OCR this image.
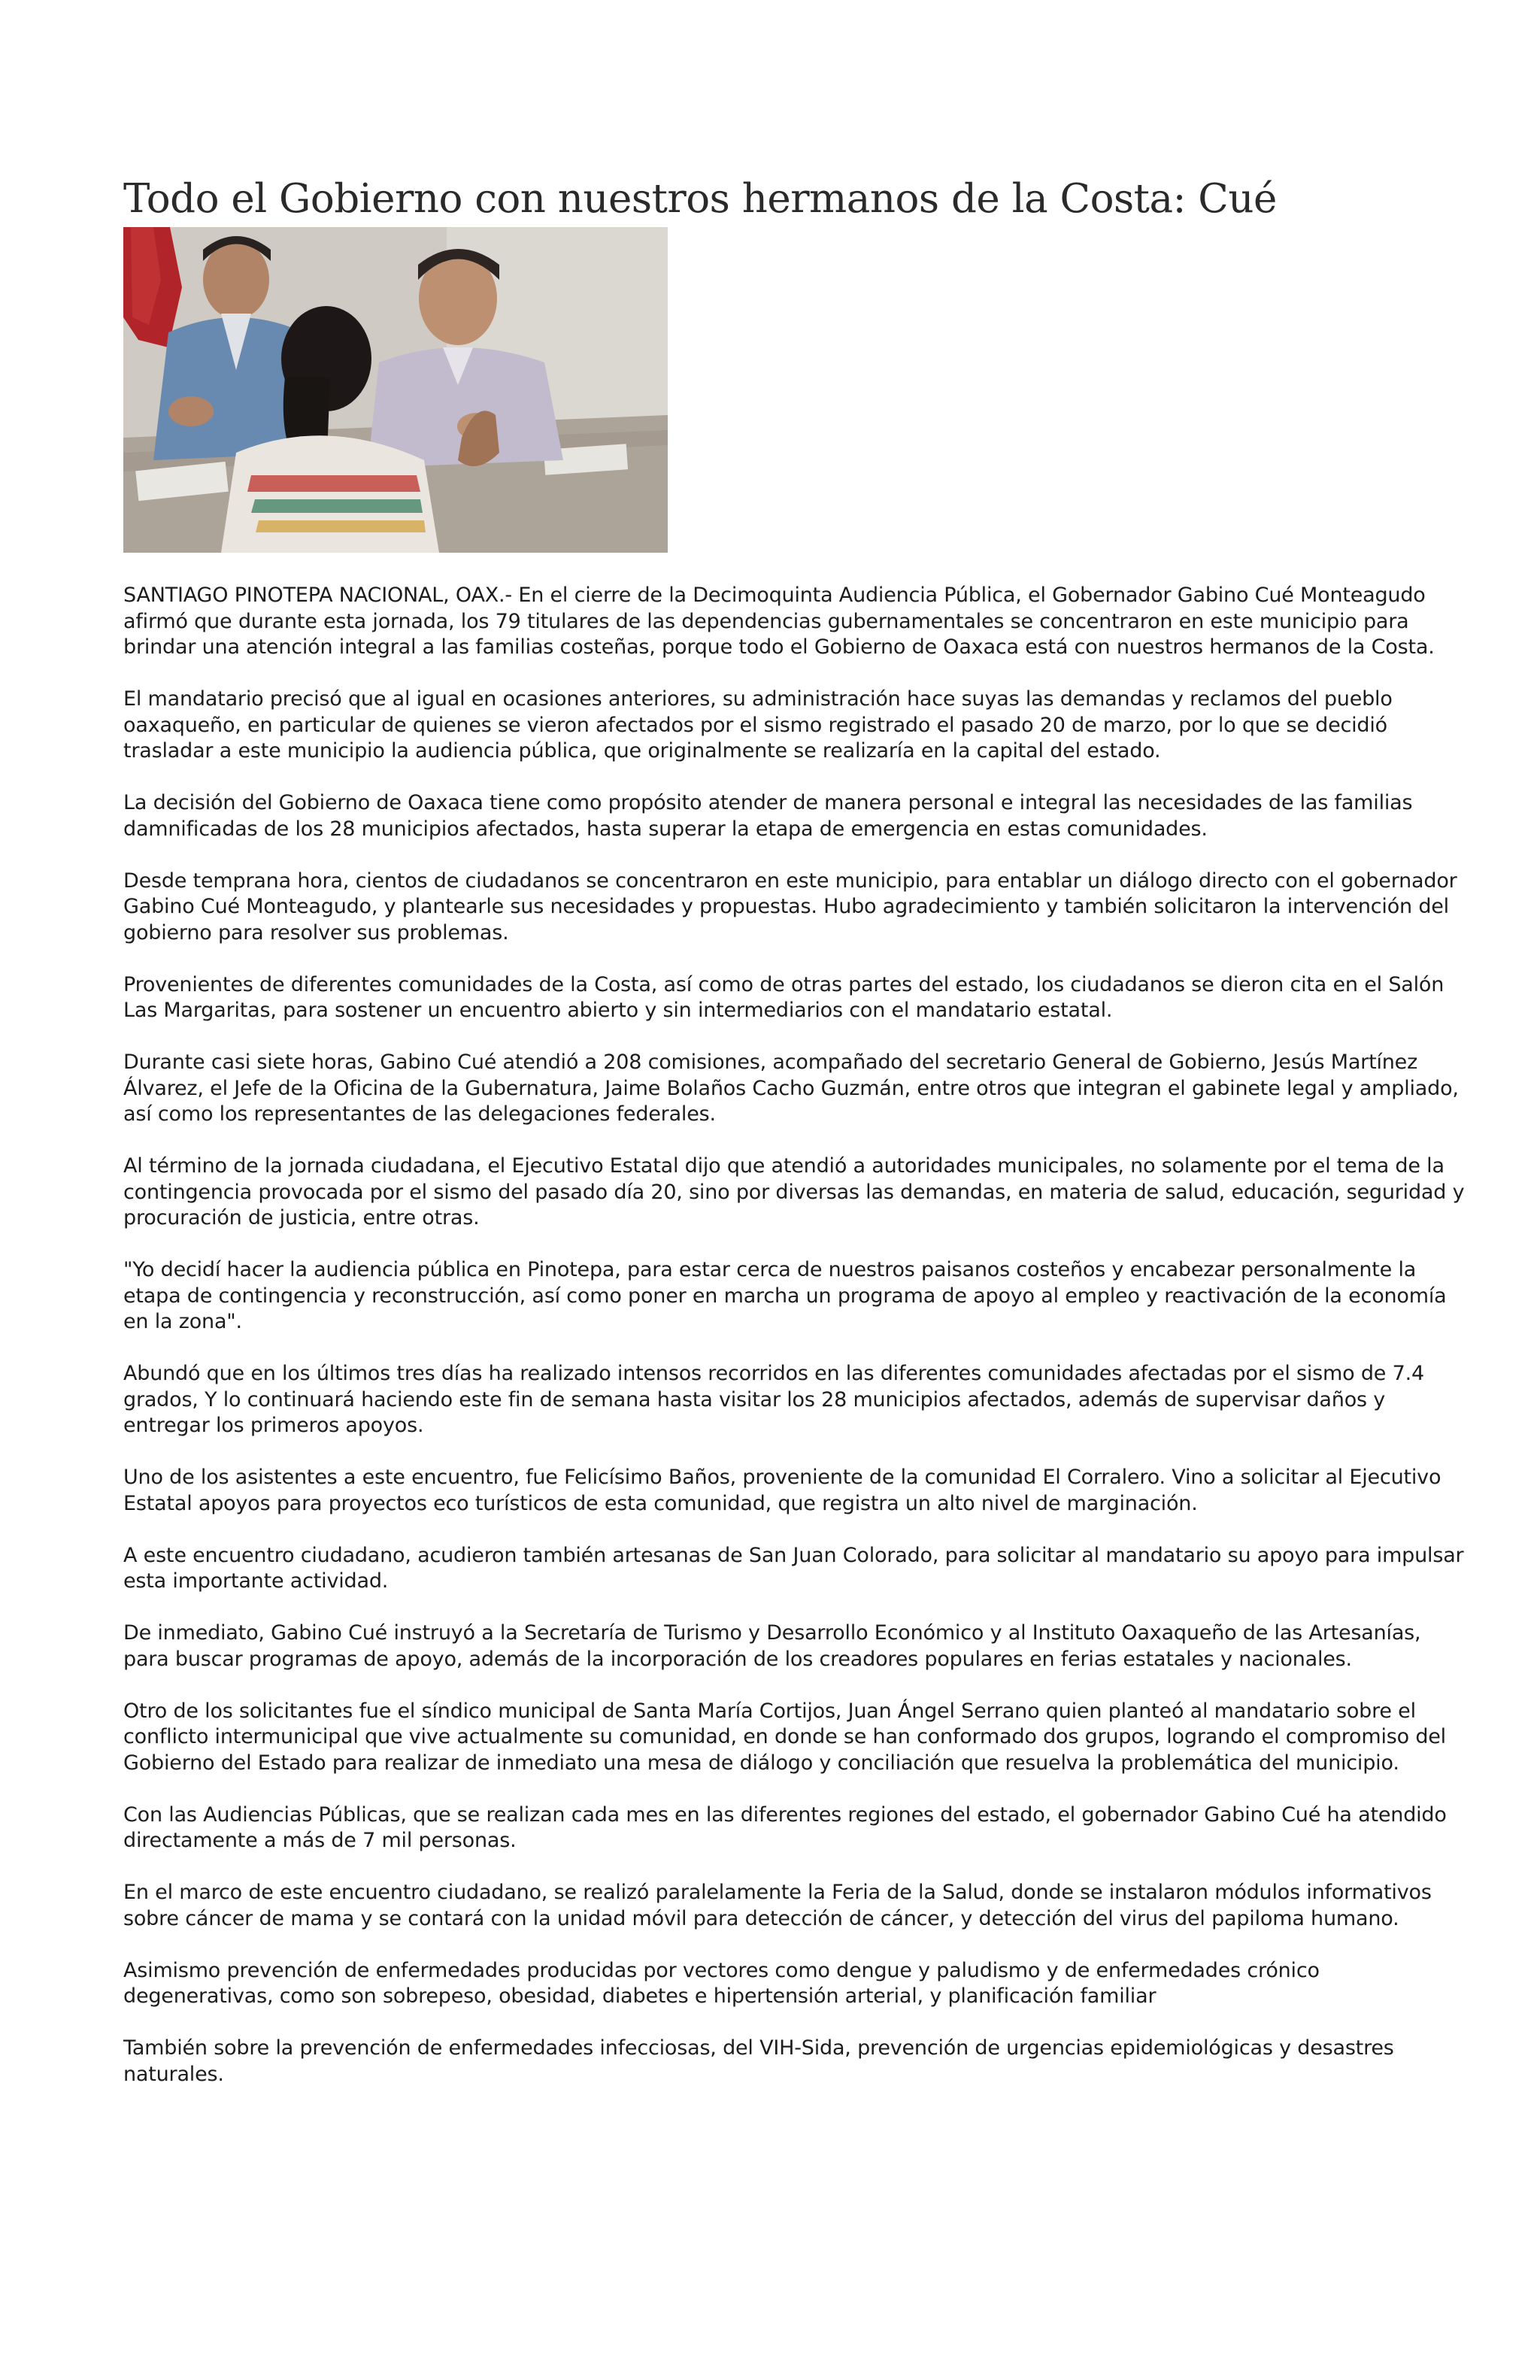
Todo el Gobierno con nuestros hermanos de la Costa: Cué

SANTIAGO PINOTEPA NACIONAL, OAX.- En el cierre de la Decimoquinta Audiencia Pública, el Gobernador Gabino Cué Monteagudo afirmó que durante esta jornada, los 79 titulares de las dependencias gubernamentales se concentraron en este municipio para brindar una atención integral a las familias costeñas, porque todo el Gobierno de Oaxaca está con nuestros hermanos de la Costa.

El mandatario precisó que al igual en ocasiones anteriores, su administración hace suyas las demandas y reclamos del pueblo oaxaqueño, en particular de quienes se vieron afectados por el sismo registrado el pasado 20 de marzo, por lo que se decidió trasladar a este municipio la audiencia pública, que originalmente se realizaría en la capital del estado.

La decisión del Gobierno de Oaxaca tiene como propósito atender de manera personal e integral las necesidades de las familias damnificadas de los 28 municipios afectados, hasta superar la etapa de emergencia en estas comunidades.

Desde temprana hora, cientos de ciudadanos se concentraron en este municipio, para entablar un diálogo directo con el gobernador Gabino Cué Monteagudo, y plantearle sus necesidades y propuestas. Hubo agradecimiento y también solicitaron la intervención del gobierno para resolver sus problemas.

Provenientes de diferentes comunidades de la Costa, así como de otras partes del estado, los ciudadanos se dieron cita en el Salón Las Margaritas, para sostener un encuentro abierto y sin intermediarios con el mandatario estatal.

Durante casi siete horas, Gabino Cué atendió a 208 comisiones, acompañado del secretario General de Gobierno, Jesús Martínez Álvarez, el Jefe de la Oficina de la Gubernatura, Jaime Bolaños Cacho Guzmán, entre otros que integran el gabinete legal y ampliado, así como los representantes de las delegaciones federales.

Al término de la jornada ciudadana, el Ejecutivo Estatal dijo que atendió a autoridades municipales, no solamente por el tema de la contingencia provocada por el sismo del pasado día 20, sino por diversas las demandas, en materia de salud, educación, seguridad y procuración de justicia, entre otras.

"Yo decidí hacer la audiencia pública en Pinotepa, para estar cerca de nuestros paisanos costeños y encabezar personalmente la etapa de contingencia y reconstrucción, así como poner en marcha un programa de apoyo al empleo y reactivación de la economía en la zona".

Abundó que en los últimos tres días ha realizado intensos recorridos en las diferentes comunidades afectadas por el sismo de 7.4 grados, Y lo continuará haciendo este fin de semana hasta visitar los 28 municipios afectados, además de supervisar daños y entregar los primeros apoyos.

Uno de los asistentes a este encuentro, fue Felicísimo Baños, proveniente de la comunidad El Corralero. Vino a solicitar al Ejecutivo Estatal apoyos para proyectos eco turísticos de esta comunidad, que registra un alto nivel de marginación.

A este encuentro ciudadano, acudieron también artesanas de San Juan Colorado, para solicitar al mandatario su apoyo para impulsar esta importante actividad.

De inmediato, Gabino Cué instruyó a la Secretaría de Turismo y Desarrollo Económico y al Instituto Oaxaqueño de las Artesanías, para buscar programas de apoyo, además de la incorporación de los creadores populares en ferias estatales y nacionales.

Otro de los solicitantes fue el síndico municipal de Santa María Cortijos, Juan Ángel Serrano quien planteó al mandatario sobre el conflicto intermunicipal que vive actualmente su comunidad, en donde se han conformado dos grupos, logrando el compromiso del Gobierno del Estado para realizar de inmediato una mesa de diálogo y conciliación que resuelva la problemática del municipio.

Con las Audiencias Públicas, que se realizan cada mes en las diferentes regiones del estado, el gobernador Gabino Cué ha atendido directamente a más de 7 mil personas.

En el marco de este encuentro ciudadano, se realizó paralelamente la Feria de la Salud, donde se instalaron módulos informativos sobre cáncer de mama y se contará con la unidad móvil para detección de cáncer, y detección del virus del papiloma humano.

Asimismo prevención de enfermedades producidas por vectores como dengue y paludismo y de enfermedades crónico degenerativas, como son sobrepeso, obesidad, diabetes e hipertensión arterial, y planificación familiar

También sobre la prevención de enfermedades infecciosas, del VIH-Sida, prevención de urgencias epidemiológicas y desastres naturales.
